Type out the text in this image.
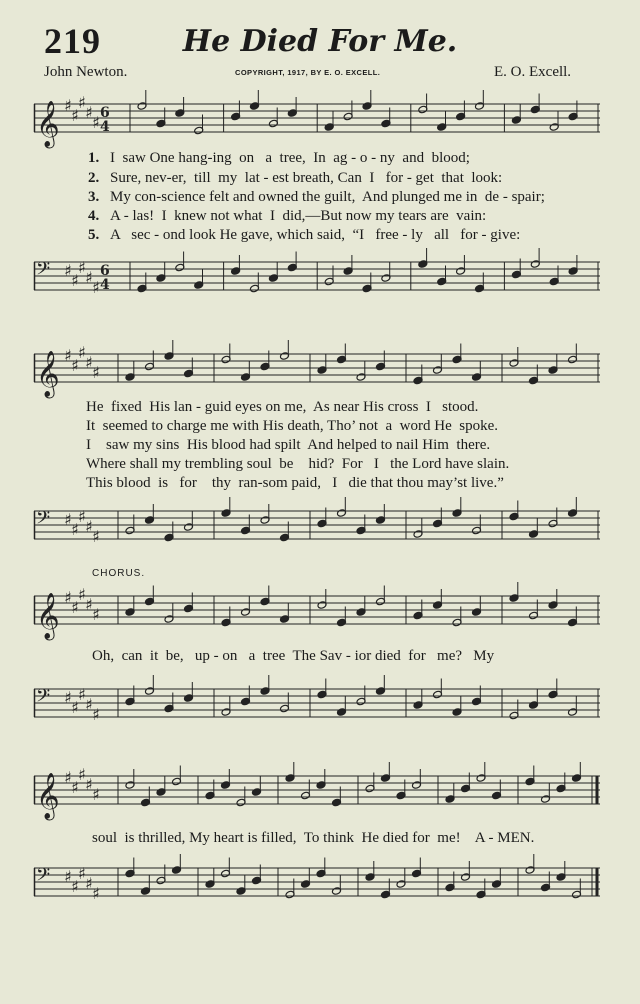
219	He Died For Me.
John Newton.	COPYRIGHT, 1917, BY E. O. EXCELL.	E. O. Excell.
𝄞 ♯
♯
♯
♯
♯ 6
4
1. I  saw One hang-ing  on   a  tree,  In  ag - o - ny  and  blood;
2. Sure, nev-er,  till  my  lat - est breath, Can  I   for - get  that  look:
3. My con-science felt and owned the guilt,  And plunged me in  de - spair;
4. A - las!  I  knew not what  I  did,—But now my tears are  vain:
5. A   sec - ond look He gave, which said,  “I   free - ly   all   for - give:
𝄢 ♯
♯
♯
♯
♯
6
4
𝄞 ♯
♯
♯
♯
♯
He  fixed  His lan - guid eyes on me,  As near His cross  I   stood.
It  seemed to charge me with His death, Tho’ not  a  word He  spoke.
I    saw my sins  His blood had spilt  And helped to nail Him  there.
Where shall my trembling soul  be    hid?  For   I   the Lord have slain.
This blood  is   for    thy  ran-som paid,   I   die that thou may’st live.”
𝄢 ♯
♯
♯
♯
♯
CHORUS.
𝄞 ♯
♯
♯
♯
♯
Oh,  can  it  be,   up - on   a  tree  The Sav - ior died  for   me?   My
𝄢 ♯
♯
♯
♯
♯
𝄞 ♯
♯
♯
♯
♯
soul  is thrilled, My heart is filled,  To think  He died for  me!    A - MEN.
𝄢 ♯
♯
♯
♯
♯
